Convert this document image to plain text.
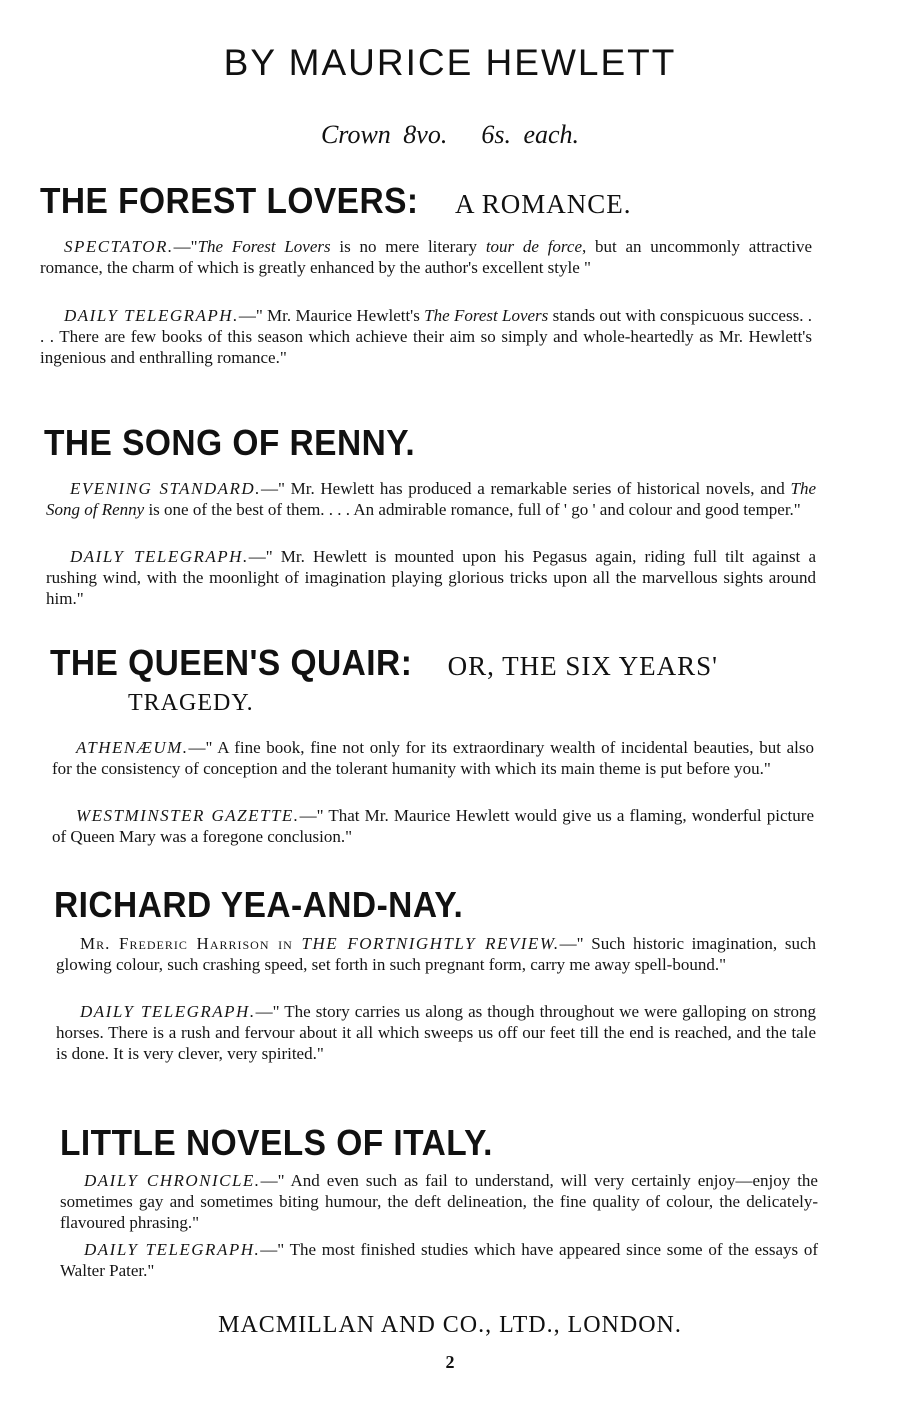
BY MAURICE HEWLETT
Crown 8vo. 6s. each.
THE FOREST LOVERS: A ROMANCE.
SPECTATOR.—"The Forest Lovers is no mere literary tour de force, but an uncommonly attractive romance, the charm of which is greatly enhanced by the author's excellent style "
DAILY TELEGRAPH.—" Mr. Maurice Hewlett's The Forest Lovers stands out with conspicuous success. . . . There are few books of this season which achieve their aim so simply and whole-heartedly as Mr. Hewlett's ingenious and enthralling romance."
THE SONG OF RENNY.
EVENING STANDARD.—" Mr. Hewlett has produced a remarkable series of historical novels, and The Song of Renny is one of the best of them. . . . An admirable romance, full of ' go ' and colour and good temper."
DAILY TELEGRAPH.—" Mr. Hewlett is mounted upon his Pegasus again, riding full tilt against a rushing wind, with the moonlight of imagination playing glorious tricks upon all the marvellous sights around him."
THE QUEEN'S QUAIR: OR, THE SIX YEARS'
TRAGEDY.
ATHENÆUM.—" A fine book, fine not only for its extraordinary wealth of incidental beauties, but also for the consistency of conception and the tolerant humanity with which its main theme is put before you."
WESTMINSTER GAZETTE.—" That Mr. Maurice Hewlett would give us a flaming, wonderful picture of Queen Mary was a foregone conclusion."
RICHARD YEA-AND-NAY.
Mr. Frederic Harrison in THE FORTNIGHTLY REVIEW.—" Such historic imagination, such glowing colour, such crashing speed, set forth in such pregnant form, carry me away spell-bound."
DAILY TELEGRAPH.—" The story carries us along as though throughout we were galloping on strong horses. There is a rush and fervour about it all which sweeps us off our feet till the end is reached, and the tale is done. It is very clever, very spirited."
LITTLE NOVELS OF ITALY.
DAILY CHRONICLE.—" And even such as fail to understand, will very certainly enjoy—enjoy the sometimes gay and sometimes biting humour, the deft delineation, the fine quality of colour, the delicately-flavoured phrasing."
DAILY TELEGRAPH.—" The most finished studies which have appeared since some of the essays of Walter Pater."
MACMILLAN AND CO., LTD., LONDON.
2
